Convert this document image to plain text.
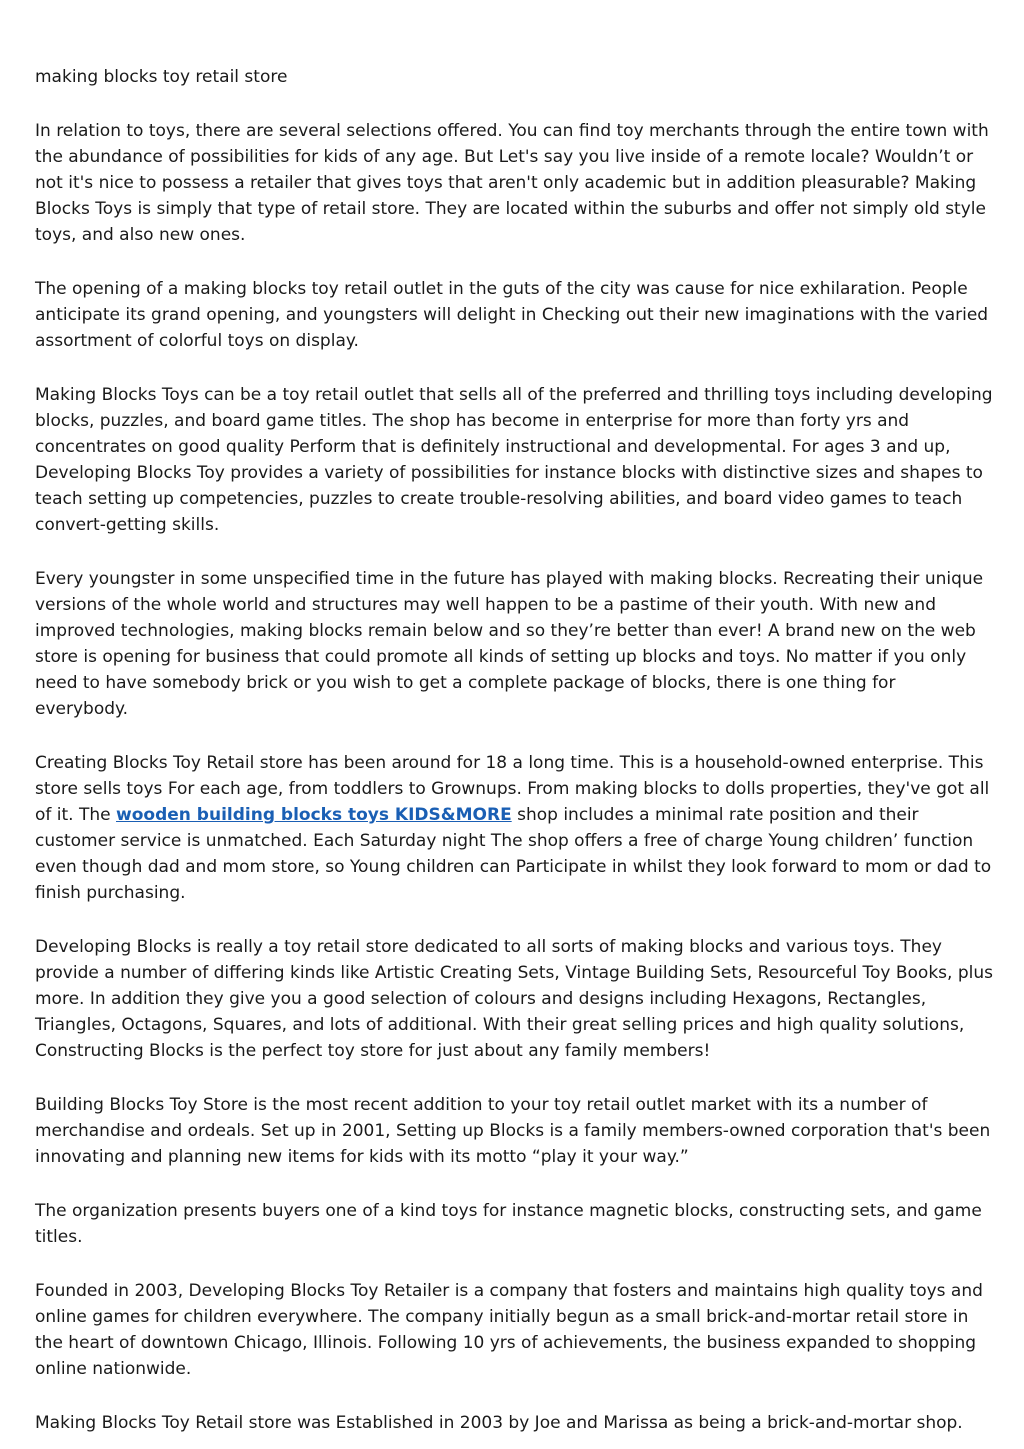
making blocks toy retail store

In relation to toys, there are several selections offered. You can find toy merchants through the entire town with the abundance of possibilities for kids of any age. But Let's say you live inside of a remote locale? Wouldn’t or not it's nice to possess a retailer that gives toys that aren't only academic but in addition pleasurable? Making Blocks Toys is simply that type of retail store. They are located within the suburbs and offer not simply old style toys, and also new ones.

The opening of a making blocks toy retail outlet in the guts of the city was cause for nice exhilaration. People anticipate its grand opening, and youngsters will delight in Checking out their new imaginations with the varied assortment of colorful toys on display.

Making Blocks Toys can be a toy retail outlet that sells all of the preferred and thrilling toys including developing blocks, puzzles, and board game titles. The shop has become in enterprise for more than forty yrs and concentrates on good quality Perform that is definitely instructional and developmental. For ages 3 and up, Developing Blocks Toy provides a variety of possibilities for instance blocks with distinctive sizes and shapes to teach setting up competencies, puzzles to create trouble-resolving abilities, and board video games to teach convert-getting skills.

Every youngster in some unspecified time in the future has played with making blocks. Recreating their unique versions of the whole world and structures may well happen to be a pastime of their youth. With new and improved technologies, making blocks remain below and so they’re better than ever! A brand new on the web store is opening for business that could promote all kinds of setting up blocks and toys. No matter if you only need to have somebody brick or you wish to get a complete package of blocks, there is one thing for everybody.

Creating Blocks Toy Retail store has been around for 18 a long time. This is a household-owned enterprise. This store sells toys For each age, from toddlers to Grownups. From making blocks to dolls properties, they've got all of it. The wooden building blocks toys KIDS&MORE shop includes a minimal rate position and their customer service is unmatched. Each Saturday night The shop offers a free of charge Young children’ function even though dad and mom store, so Young children can Participate in whilst they look forward to mom or dad to finish purchasing.

Developing Blocks is really a toy retail store dedicated to all sorts of making blocks and various toys. They provide a number of differing kinds like Artistic Creating Sets, Vintage Building Sets, Resourceful Toy Books, plus more. In addition they give you a good selection of colours and designs including Hexagons, Rectangles, Triangles, Octagons, Squares, and lots of additional. With their great selling prices and high quality solutions, Constructing Blocks is the perfect toy store for just about any family members!

Building Blocks Toy Store is the most recent addition to your toy retail outlet market with its a number of merchandise and ordeals. Set up in 2001, Setting up Blocks is a family members-owned corporation that's been innovating and planning new items for kids with its motto “play it your way.”

The organization presents buyers one of a kind toys for instance magnetic blocks, constructing sets, and game titles.

Founded in 2003, Developing Blocks Toy Retailer is a company that fosters and maintains high quality toys and online games for children everywhere. The company initially begun as a small brick-and-mortar retail store in the heart of downtown Chicago, Illinois. Following 10 yrs of achievements, the business expanded to shopping online nationwide.

Making Blocks Toy Retail store was Established in 2003 by Joe and Marissa as being a brick-and-mortar shop.
